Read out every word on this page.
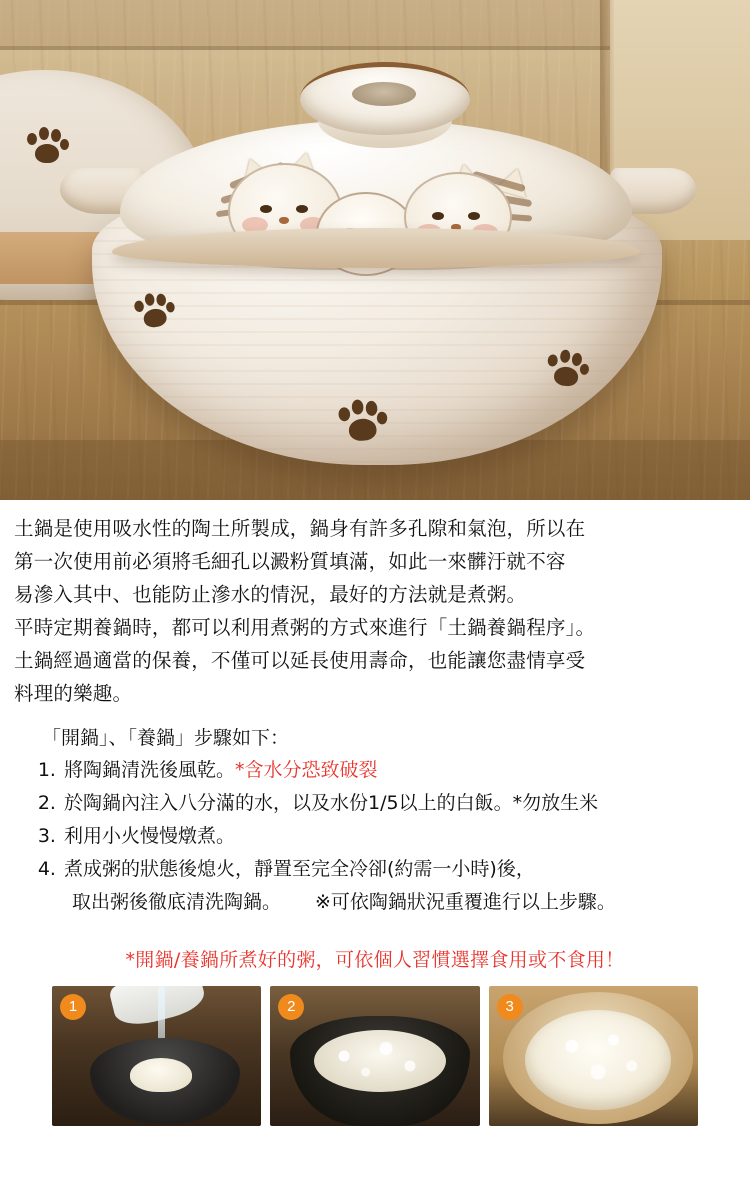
土鍋是使用吸水性的陶土所製成，鍋身有許多孔隙和氣泡，所以在

第一次使用前必須將毛細孔以澱粉質填滿，如此一來髒汙就不容

易滲入其中、也能防止滲水的情況，最好的方法就是煮粥。

平時定期養鍋時，都可以利用煮粥的方式來進行「土鍋養鍋程序」。

土鍋經過適當的保養，不僅可以延長使用壽命，也能讓您盡情享受

料理的樂趣。

「開鍋」、「養鍋」步驟如下：
1. 將陶鍋清洗後風乾。*含水分恐致破裂
2. 於陶鍋內注入八分滿的水，以及水份1/5以上的白飯。*勿放生米
3. 利用小火慢慢燉煮。
4. 煮成粥的狀態後熄火，靜置至完全冷卻(約需一小時)後，
取出粥後徹底清洗陶鍋。 ※可依陶鍋狀況重覆進行以上步驟。
*開鍋/養鍋所煮好的粥，可依個人習慣選擇食用或不食用！
1	2	3
